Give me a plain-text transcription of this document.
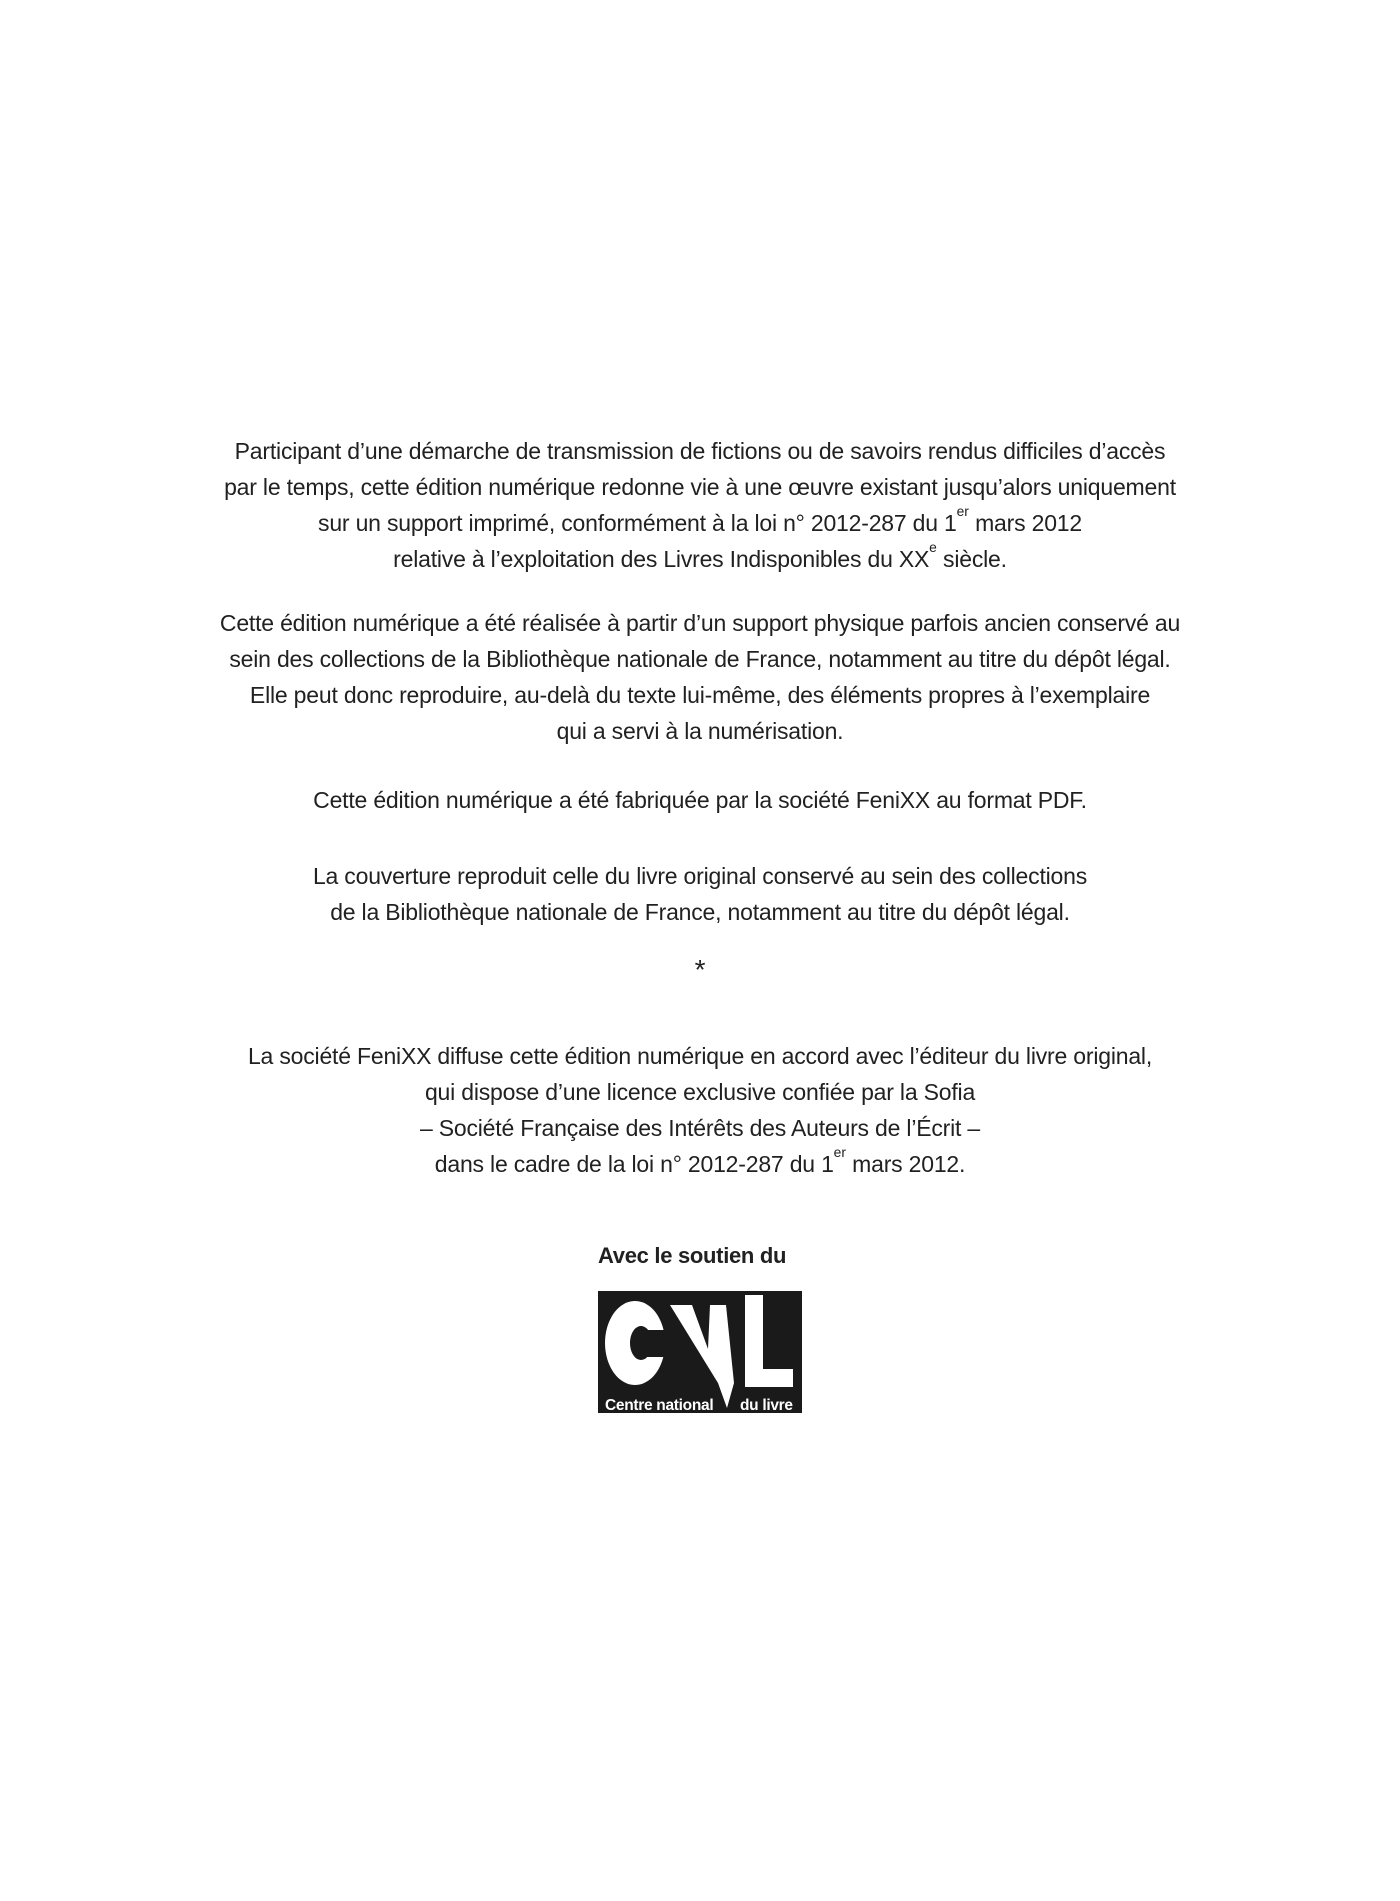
Participant d’une démarche de transmission de fictions ou de savoirs rendus difficiles d’accès
par le temps, cette édition numérique redonne vie à une œuvre existant jusqu’alors uniquement
sur un support imprimé, conformément à la loi n° 2012-287 du 1er mars 2012
relative à l’exploitation des Livres Indisponibles du XXe siècle.
Cette édition numérique a été réalisée à partir d’un support physique parfois ancien conservé au
sein des collections de la Bibliothèque nationale de France, notamment au titre du dépôt légal.
Elle peut donc reproduire, au-delà du texte lui-même, des éléments propres à l’exemplaire
qui a servi à la numérisation.
Cette édition numérique a été fabriquée par la société FeniXX au format PDF.
La couverture reproduit celle du livre original conservé au sein des collections
de la Bibliothèque nationale de France, notamment au titre du dépôt légal.
*
La société FeniXX diffuse cette édition numérique en accord avec l’éditeur du livre original,
qui dispose d’une licence exclusive confiée par la Sofia
– Société Française des Intérêts des Auteurs de l’Écrit –
dans le cadre de la loi n° 2012-287 du 1er mars 2012.
Avec le soutien du
Centre national du livre
